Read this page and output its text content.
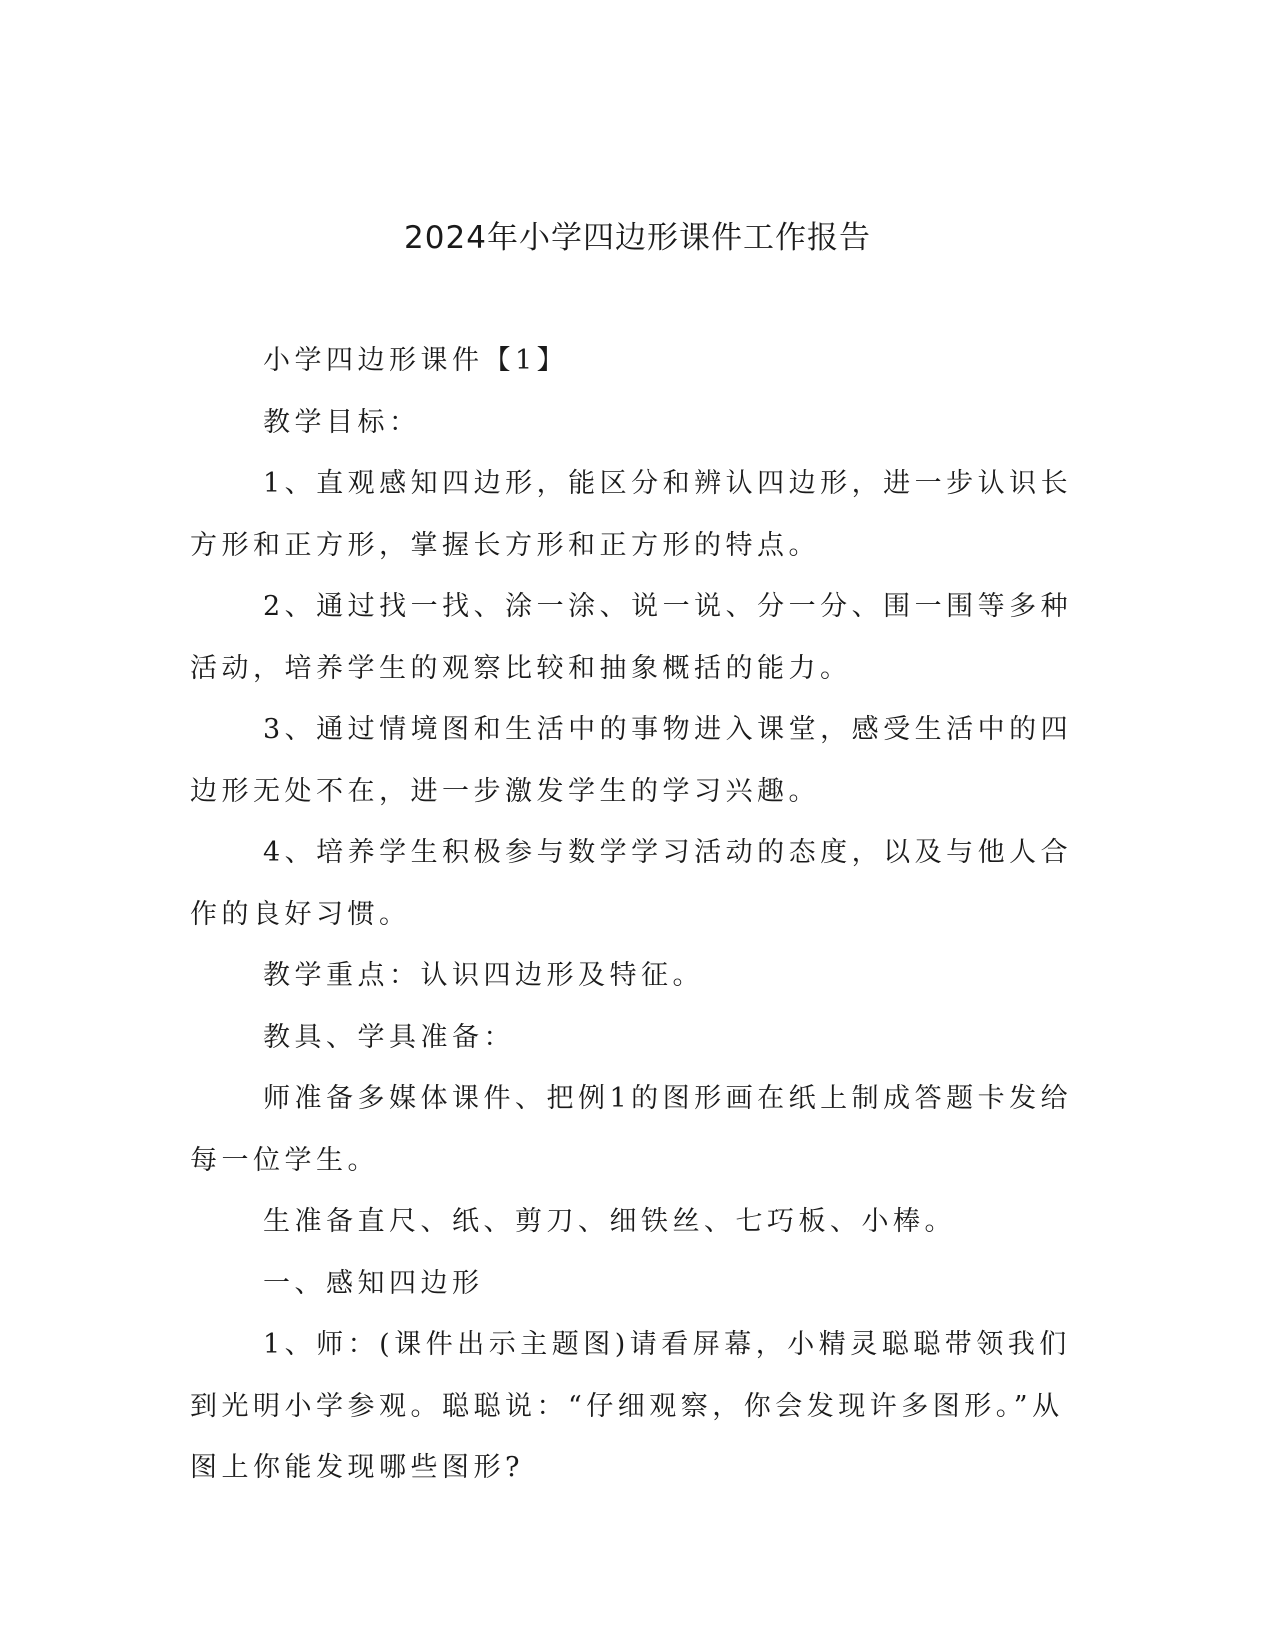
2024年小学四边形课件工作报告

小学四边形课件【1】

教学目标：

1、直观感知四边形，能区分和辨认四边形，进一步认识长方形和正方形，掌握长方形和正方形的特点。

2、通过找一找、涂一涂、说一说、分一分、围一围等多种活动，培养学生的观察比较和抽象概括的能力。

3、通过情境图和生活中的事物进入课堂，感受生活中的四边形无处不在，进一步激发学生的学习兴趣。

4、培养学生积极参与数学学习活动的态度，以及与他人合作的良好习惯。

教学重点：认识四边形及特征。

教具、学具准备：

师准备多媒体课件、把例1的图形画在纸上制成答题卡发给每一位学生。

生准备直尺、纸、剪刀、细铁丝、七巧板、小棒。

一、感知四边形

1、师：(课件出示主题图)请看屏幕，小精灵聪聪带领我们到光明小学参观。聪聪说：“仔细观察，你会发现许多图形。”从图上你能发现哪些图形?
